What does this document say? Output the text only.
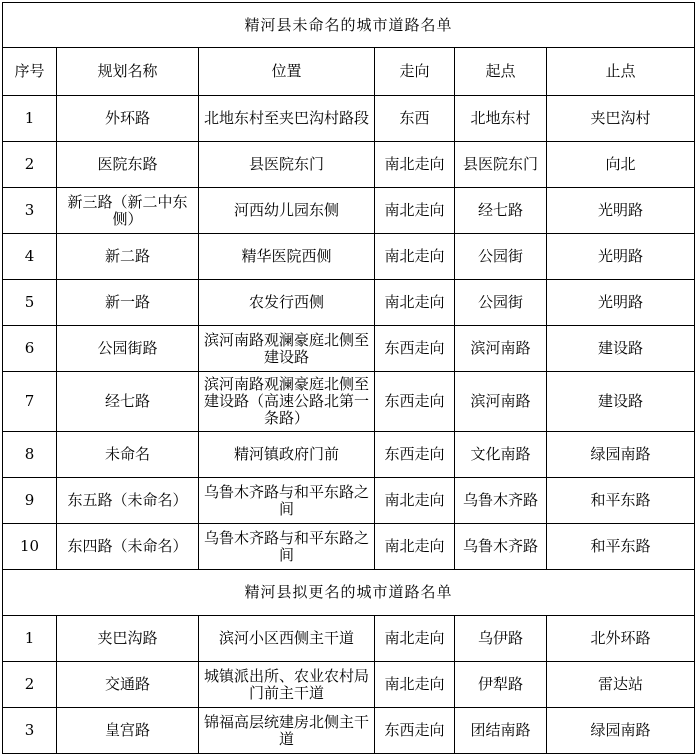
精河县未命名的城市道路名单					
序号	规划名称	位置	走向	起点	止点
1	外环路	北地东村至夹巴沟村路段	东西	北地东村	夹巴沟村
2	医院东路	县医院东门	南北走向	县医院东门	向北
3	新三路（新二中东侧）	河西幼儿园东侧	南北走向	经七路	光明路
4	新二路	精华医院西侧	南北走向	公园街	光明路
5	新一路	农发行西侧	南北走向	公园街	光明路
6	公园街路	滨河南路观澜豪庭北侧至建设路	东西走向	滨河南路	建设路
7	经七路	滨河南路观澜豪庭北侧至建设路（高速公路北第一条路）	东西走向	滨河南路	建设路
8	未命名	精河镇政府门前	东西走向	文化南路	绿园南路
9	东五路（未命名）	乌鲁木齐路与和平东路之间	南北走向	乌鲁木齐路	和平东路
10	东四路（未命名）	乌鲁木齐路与和平东路之间	南北走向	乌鲁木齐路	和平东路
精河县拟更名的城市道路名单					
1	夹巴沟路	滨河小区西侧主干道	南北走向	乌伊路	北外环路
2	交通路	城镇派出所、农业农村局门前主干道	南北走向	伊犁路	雷达站
3	皇宫路	锦福高层统建房北侧主干道	东西走向	团结南路	绿园南路
